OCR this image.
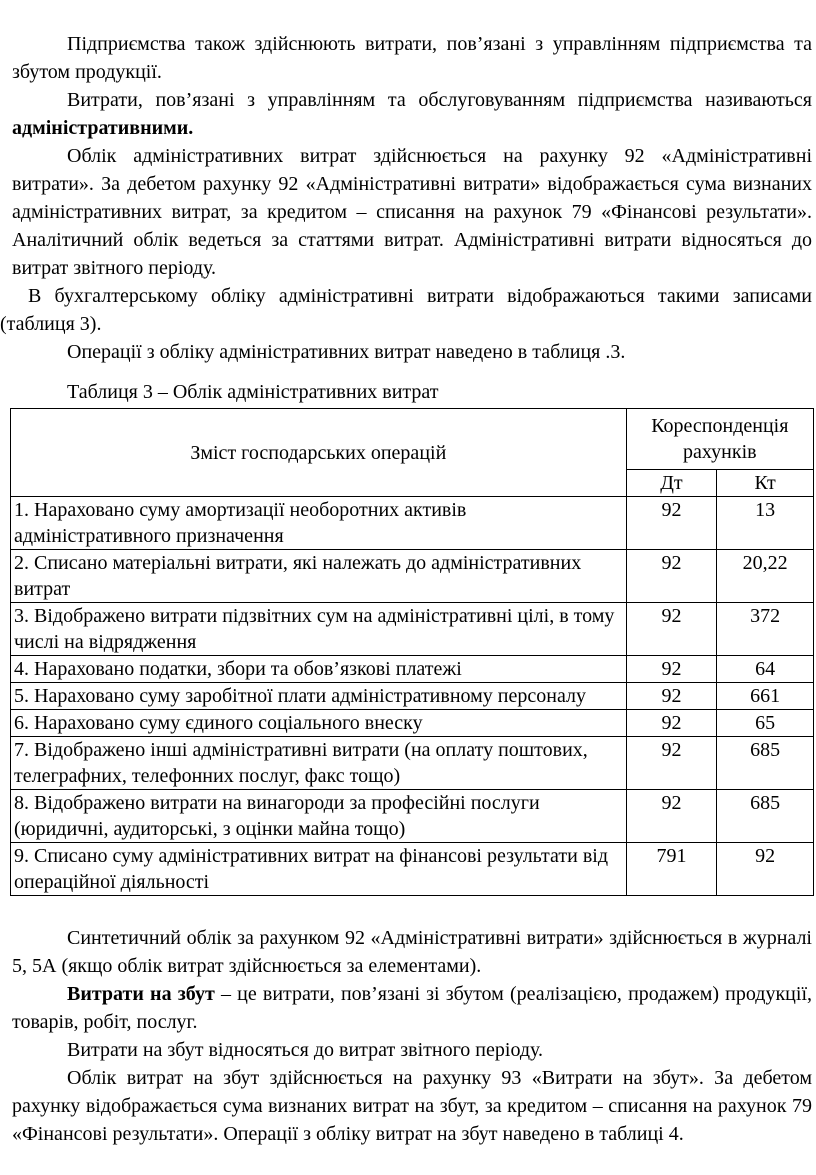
Підприємства також здійснюють витрати, пов’язані з управлінням підприємства та збутом продукції.

Витрати, пов’язані з управлінням та обслуговуванням підприємства називаються адміністративними.

Облік адміністративних витрат здійснюється на рахунку 92 «Адміністративні витрати». За дебетом рахунку 92 «Адміністративні витрати» відображається сума визнаних адміністративних витрат, за кредитом – списання на рахунок 79 «Фінансові результати». Аналітичний облік ведеться за статтями витрат. Адміністративні витрати відносяться до витрат звітного періоду.

В бухгалтерському обліку адміністративні витрати відображаються такими записами (таблиця 3).

Операції з обліку адміністративних витрат наведено в таблиця .3.

Таблиця 3 – Облік адміністративних витрат
Зміст господарських операцій	Кореспонденція рахунків	
	Дт	Кт
1. Нараховано суму амортизації необоротних активів адміністративного призначення	92	13
2. Списано матеріальні витрати, які належать до адміністративних витрат	92	20,22
3. Відображено витрати підзвітних сум на адміністративні цілі, в тому числі на відрядження	92	372
4. Нараховано податки, збори та обов’язкові платежі	92	64
5. Нараховано суму заробітної плати адміністративному персоналу	92	661
6. Нараховано суму єдиного соціального внеску	92	65
7. Відображено інші адміністративні витрати (на оплату поштових, телеграфних, телефонних послуг, факс тощо)	92	685
8. Відображено витрати на винагороди за професійні послуги (юридичні, аудиторські, з оцінки майна тощо)	92	685
9. Списано суму адміністративних витрат на фінансові результати від операційної діяльності	791	92

Синтетичний облік за рахунком 92 «Адміністративні витрати» здійснюється в журналі 5, 5А (якщо облік витрат здійснюється за елементами).

Витрати на збут – це витрати, пов’язані зі збутом (реалізацією, продажем) продукції, товарів, робіт, послуг.

Витрати на збут відносяться до витрат звітного періоду.

Облік витрат на збут здійснюється на рахунку 93 «Витрати на збут». За дебетом рахунку відображається сума визнаних витрат на збут, за кредитом – списання на рахунок 79 «Фінансові результати». Операції з обліку витрат на збут наведено в таблиці 4.
